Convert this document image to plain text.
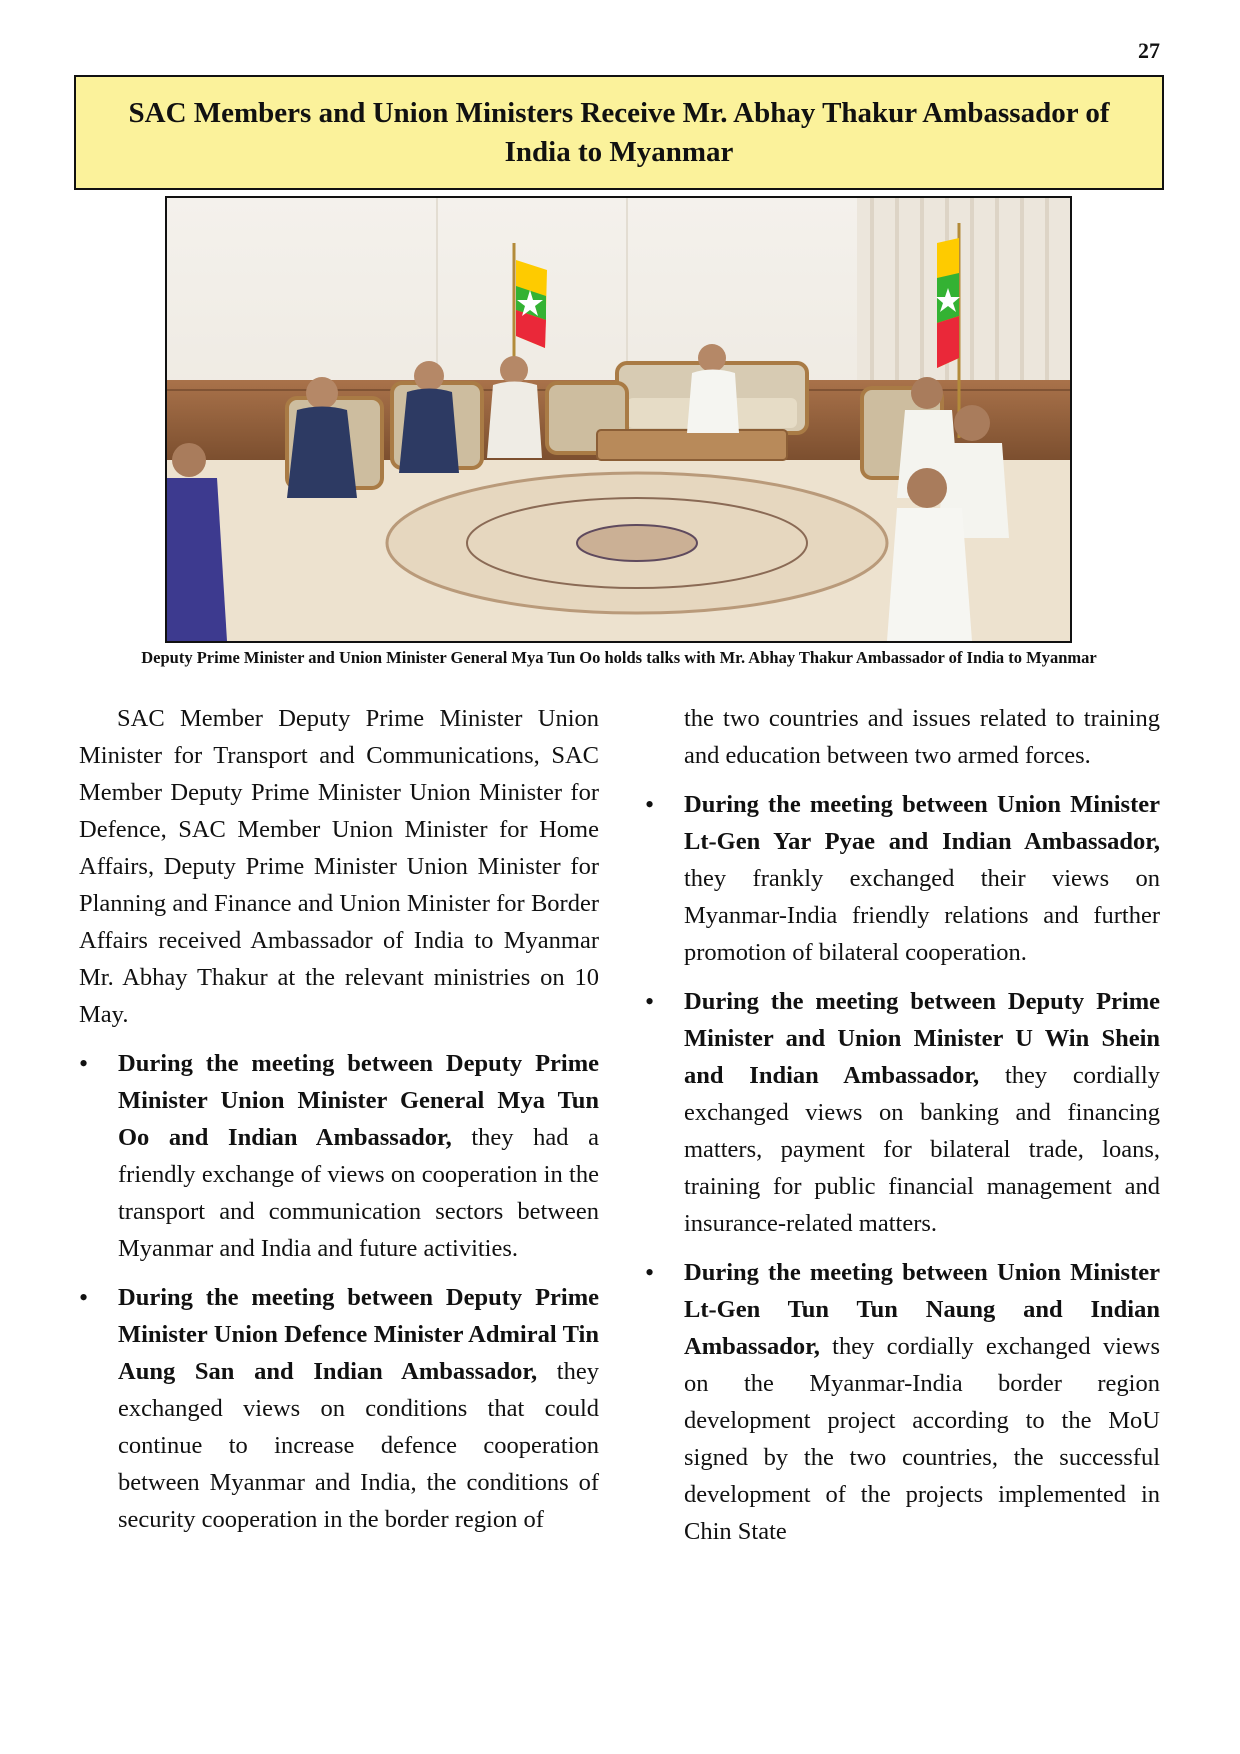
27
SAC Members and Union Ministers Receive Mr. Abhay Thakur Ambassador of India to Myanmar
Deputy Prime Minister and Union Minister General Mya Tun Oo holds talks with Mr. Abhay Thakur Ambassador of India to Myanmar

SAC Member Deputy Prime Minister Union Minister for Transport and Communications, SAC Member Deputy Prime Minister Union Minister for Defence, SAC Member Union Minister for Home Affairs, Deputy Prime Minister Union Minister for Planning and Finance and Union Minister for Border Affairs received Ambassador of India to Myanmar Mr. Abhay Thakur at the relevant ministries on 10 May.

• During the meeting between Deputy Prime Minister Union Minister General Mya Tun Oo and Indian Ambassador, they had a friendly exchange of views on cooperation in the transport and communication sectors between Myanmar and India and future activities.
• During the meeting between Deputy Prime Minister Union Defence Minister Admiral Tin Aung San and Indian Ambassador, they exchanged views on conditions that could continue to increase defence cooperation between Myanmar and India, the conditions of security cooperation in the border region of

the two countries and issues related to training and education between two armed forces.

• During the meeting between Union Minister Lt-Gen Yar Pyae and Indian Ambassador, they frankly exchanged their views on Myanmar-India friendly relations and further promotion of bilateral cooperation.
• During the meeting between Deputy Prime Minister and Union Minister U Win Shein and Indian Ambassador, they cordially exchanged views on banking and financing matters, payment for bilateral trade, loans, training for public financial management and insurance-related matters.
• During the meeting between Union Minister Lt-Gen Tun Tun Naung and Indian Ambassador, they cordially exchanged views on the Myanmar-India border region development project according to the MoU signed by the two countries, the successful development of the projects implemented in Chin State
